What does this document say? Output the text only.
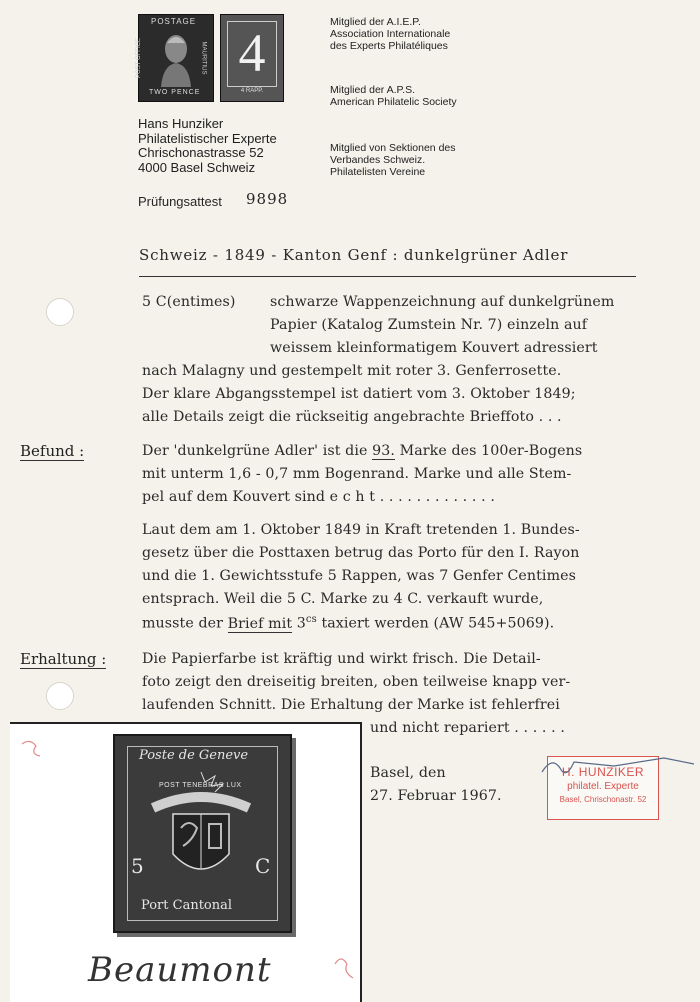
POSTAGE
POST OFFICE	MAURITIUS
TWO PENCE
4
4 RAPP.
Mitglied der A.I.E.P.
Association Internationale
des Experts Philatéliques
Mitglied der A.P.S.
American Philatelic Society
Mitglied von Sektionen des
Verbandes Schweiz.
Philatelisten Vereine
Hans Hunziker
Philatelistischer Experte
Chrischonastrasse 52
4000 Basel Schweiz
Prüfungsattest 9898
Schweiz - 1849 - Kanton Genf : dunkelgrüner Adler
5 C(entimes) schwarze Wappenzeichnung auf dunkelgrünem
Papier (Katalog Zumstein Nr. 7) einzeln auf
weissem kleinformatigem Kouvert adressiert
nach Malagny und gestempelt mit roter 3. Genferrosette.
Der klare Abgangsstempel ist datiert vom 3. Oktober 1849;
alle Details zeigt die rückseitig angebrachte Brieffoto . . .
Befund :	Der 'dunkelgrüne Adler' ist die 93. Marke des 100er-Bogens
mit unterm 1,6 - 0,7 mm Bogenrand. Marke und alle Stem-
pel auf dem Kouvert sind e c h t . . . . . . . . . . . . .
Laut dem am 1. Oktober 1849 in Kraft tretenden 1. Bundes-
gesetz über die Posttaxen betrug das Porto für den I. Rayon
und die 1. Gewichtsstufe 5 Rappen, was 7 Genfer Centimes
entsprach. Weil die 5 C. Marke zu 4 C. verkauft wurde,
musste der Brief mit $3^{cs}$ taxiert werden (AW 545+5069).
Erhaltung :	Die Papierfarbe ist kräftig und wirkt frisch. Die Detail-
foto zeigt den dreiseitig breiten, oben teilweise knapp ver-
laufenden Schnitt. Die Erhaltung der Marke ist fehlerfrei
und nicht repariert . . . . . .
Beaumont
Poste de Geneve
POST TENEBRAS LUX
5	C
Port Cantonal
Basel, den
27. Februar 1967.
H. HUNZIKER
philatel. Experte
Basel, Chrischonastr. 52
